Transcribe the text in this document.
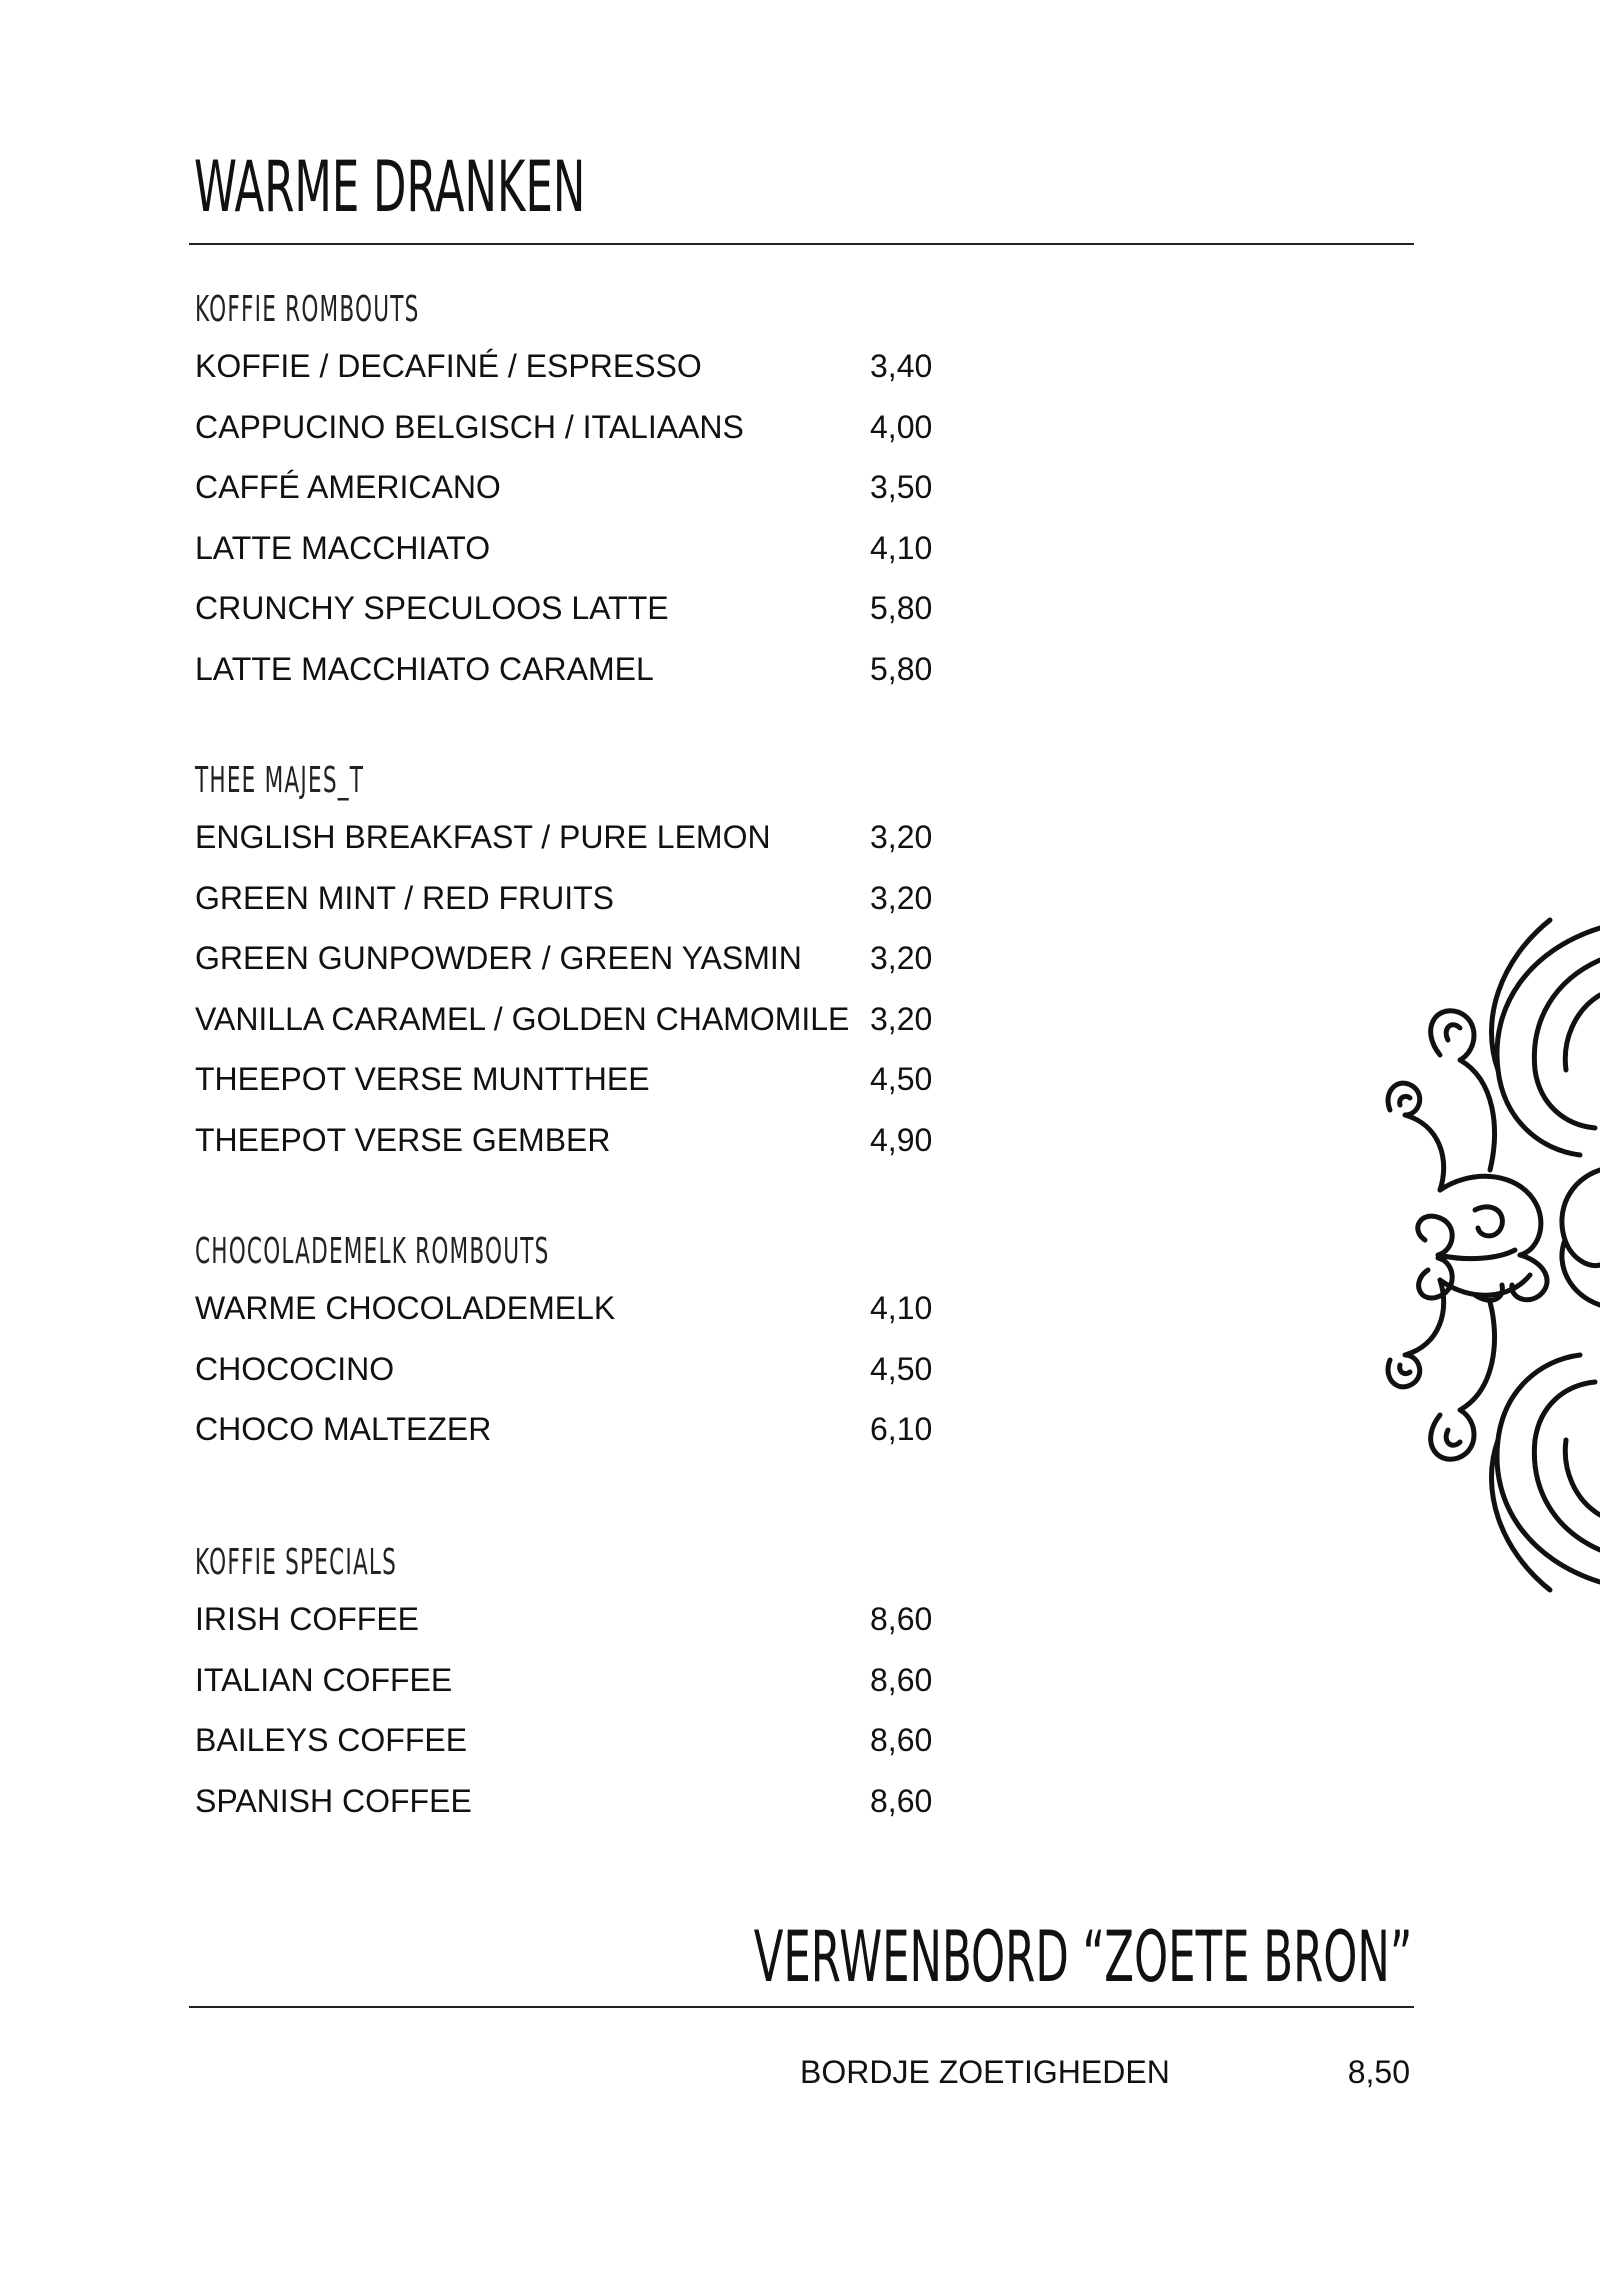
WARME DRANKEN
KOFFIE ROMBOUTS
KOFFIE / DECAFINÉ / ESPRESSO	3,40
CAPPUCINO BELGISCH / ITALIAANS	4,00
CAFFÉ AMERICANO	3,50
LATTE MACCHIATO	4,10
CRUNCHY SPECULOOS LATTE	5,80
LATTE MACCHIATO CARAMEL	5,80
THEE MAJES_T
ENGLISH BREAKFAST / PURE LEMON	3,20
GREEN MINT / RED FRUITS	3,20
GREEN GUNPOWDER / GREEN YASMIN 3,20
VANILLA CARAMEL / GOLDEN CHAMOMILE 3,20
THEEPOT VERSE MUNTTHEE	4,50
THEEPOT VERSE GEMBER	4,90
CHOCOLADEMELK ROMBOUTS
WARME CHOCOLADEMELK	4,10
CHOCOCINO	4,50
CHOCO MALTEZER	6,10
KOFFIE SPECIALS
IRISH COFFEE	8,60
ITALIAN COFFEE	8,60
BAILEYS COFFEE	8,60
SPANISH COFFEE	8,60
VERWENBORD “ZOETE BRON”
BORDJE ZOETIGHEDEN	8,50
